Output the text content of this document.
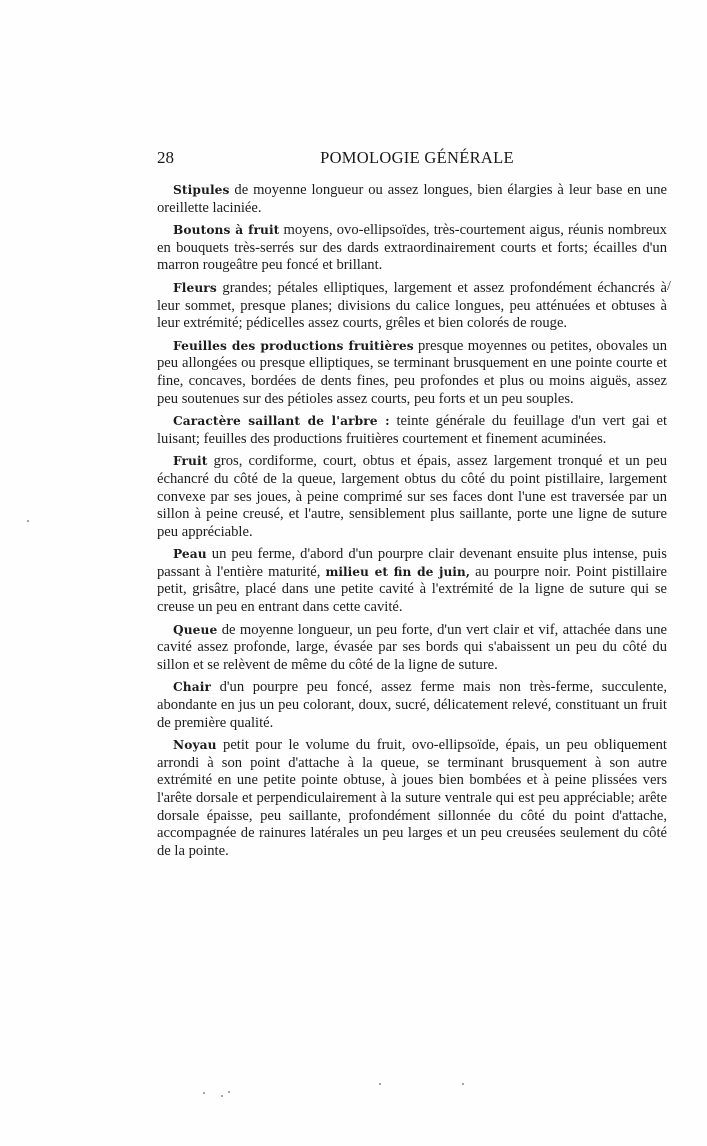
28	POMOLOGIE GÉNÉRALE
/

Stipules de moyenne longueur ou assez longues, bien élargies à leur base en une oreillette laciniée.

Boutons à fruit moyens, ovo-ellipsoïdes, très-courtement aigus, réunis nombreux en bouquets très-serrés sur des dards extraordinairement courts et forts; écailles d'un marron rougeâtre peu foncé et brillant.

Fleurs grandes; pétales elliptiques, largement et assez profondément échancrés à leur sommet, presque planes; divisions du calice longues, peu atténuées et obtuses à leur extrémité; pédicelles assez courts, grêles et bien colorés de rouge.

Feuilles des productions fruitières presque moyennes ou petites, obovales un peu allongées ou presque elliptiques, se terminant brusquement en une pointe courte et fine, concaves, bordées de dents fines, peu profondes et plus ou moins aiguës, assez peu soutenues sur des pétioles assez courts, peu forts et un peu souples.

Caractère saillant de l'arbre : teinte générale du feuillage d'un vert gai et luisant; feuilles des productions fruitières courtement et finement acuminées.

Fruit gros, cordiforme, court, obtus et épais, assez largement tronqué et un peu échancré du côté de la queue, largement obtus du côté du point pistillaire, largement convexe par ses joues, à peine comprimé sur ses faces dont l'une est traversée par un sillon à peine creusé, et l'autre, sensiblement plus saillante, porte une ligne de suture peu appréciable.

Peau un peu ferme, d'abord d'un pourpre clair devenant ensuite plus intense, puis passant à l'entière maturité, milieu et fin de juin, au pourpre noir. Point pistillaire petit, grisâtre, placé dans une petite cavité à l'extrémité de la ligne de suture qui se creuse un peu en entrant dans cette cavité.

Queue de moyenne longueur, un peu forte, d'un vert clair et vif, attachée dans une cavité assez profonde, large, évasée par ses bords qui s'abaissent un peu du côté du sillon et se relèvent de même du côté de la ligne de suture.

Chair d'un pourpre peu foncé, assez ferme mais non très-ferme, succulente, abondante en jus un peu colorant, doux, sucré, délicatement relevé, constituant un fruit de première qualité.

Noyau petit pour le volume du fruit, ovo-ellipsoïde, épais, un peu obliquement arrondi à son point d'attache à la queue, se terminant brusquement à son autre extrémité en une petite pointe obtuse, à joues bien bombées et à peine plissées vers l'arête dorsale et perpendiculairement à la suture ventrale qui est peu appréciable; arête dorsale épaisse, peu saillante, profondément sillonnée du côté du point d'attache, accompagnée de rainures latérales un peu larges et un peu creusées seulement du côté de la pointe.
